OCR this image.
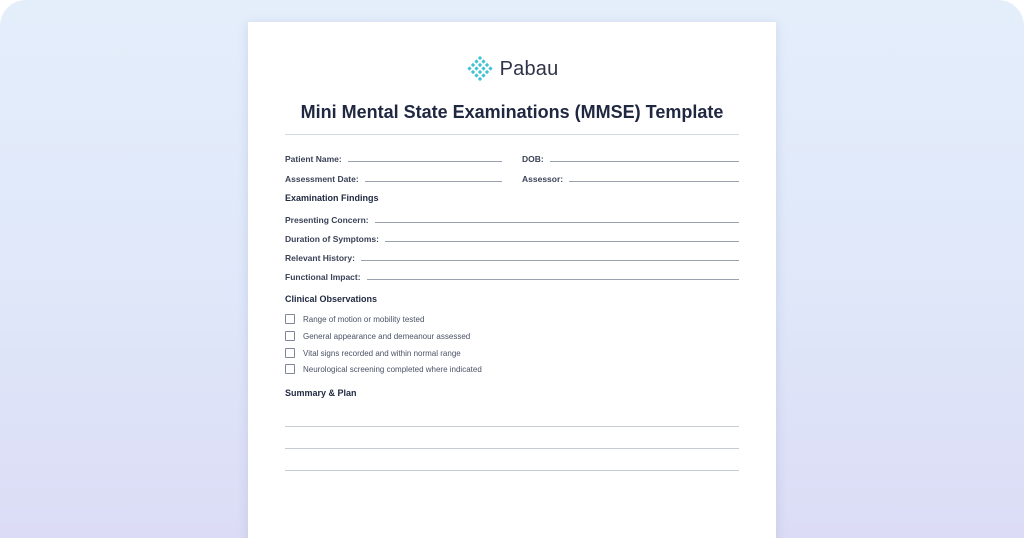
Pabau
Mini Mental State Examinations (MMSE) Template
Patient Name:	DOB:
Assessment Date:	Assessor:
Examination Findings
Presenting Concern:
Duration of Symptoms:
Relevant History:
Functional Impact:
Clinical Observations
Range of motion or mobility tested
General appearance and demeanour assessed
Vital signs recorded and within normal range
Neurological screening completed where indicated
Summary & Plan
